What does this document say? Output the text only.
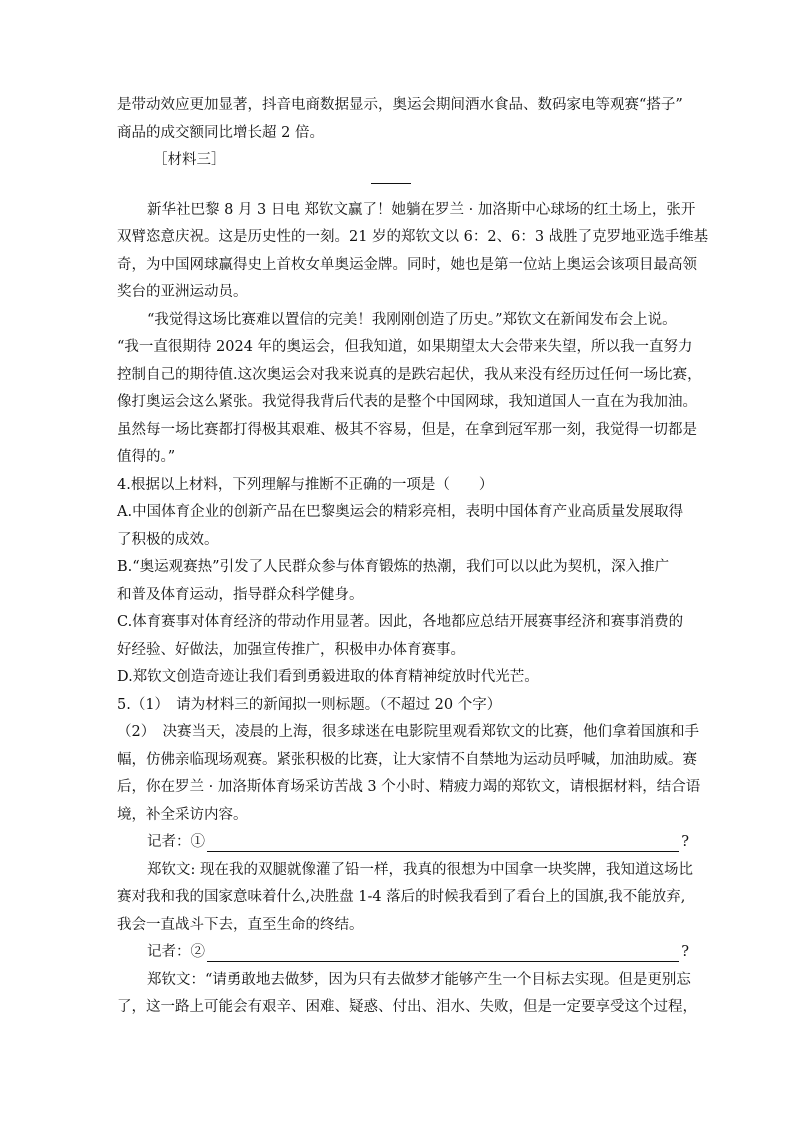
是带动效应更加显著，抖音电商数据显示，奥运会期间酒水食品、数码家电等观赛“搭子”
商品的成交额同比增长超 2 倍。
［材料三］
新华社巴黎 8 月 3 日电 郑钦文赢了！她躺在罗兰 · 加洛斯中心球场的红土场上，张开
双臂恣意庆祝。这是历史性的一刻。21 岁的郑钦文以 6：2、6：3 战胜了克罗地亚选手维基
奇，为中国网球赢得史上首枚女单奥运金牌。同时，她也是第一位站上奥运会该项目最高领
奖台的亚洲运动员。
“我觉得这场比赛难以置信的完美！我刚刚创造了历史。”郑钦文在新闻发布会上说。
“我一直很期待 2024 年的奥运会，但我知道，如果期望太大会带来失望，所以我一直努力
控制自己的期待值.这次奥运会对我来说真的是跌宕起伏，我从来没有经历过任何一场比赛，
像打奥运会这么紧张。我觉得我背后代表的是整个中国网球，我知道国人一直在为我加油。
虽然每一场比赛都打得极其艰难、极其不容易，但是，在拿到冠军那一刻，我觉得一切都是
值得的。”
4.根据以上材料，下列理解与推断不正确的一项是（　　）
A.中国体育企业的创新产品在巴黎奥运会的精彩亮相，表明中国体育产业高质量发展取得
了积极的成效。
B.“奥运观赛热”引发了人民群众参与体育锻炼的热潮，我们可以以此为契机，深入推广
和普及体育运动，指导群众科学健身。
C.体育赛事对体育经济的带动作用显著。因此，各地都应总结开展赛事经济和赛事消费的
好经验、好做法，加强宣传推广，积极申办体育赛事。
D.郑钦文创造奇迹让我们看到勇毅进取的体育精神绽放时代光芒。
5.（1）　请为材料三的新闻拟一则标题。（不超过 20 个字）
（2）　决赛当天，凌晨的上海，很多球迷在电影院里观看郑钦文的比赛，他们拿着国旗和手
幅，仿佛亲临现场观赛。紧张积极的比赛，让大家情不自禁地为运动员呼喊，加油助威。赛
后，你在罗兰 · 加洛斯体育场采访苦战 3 个小时、精疲力竭的郑钦文，请根据材料，结合语
境，补全采访内容。
记者：①	?
郑钦文: 现在我的双腿就像灌了铅一样，我真的很想为中国拿一块奖牌，我知道这场比
赛对我和我的国家意味着什么,决胜盘 1-4 落后的时候我看到了看台上的国旗,我不能放弃,
我会一直战斗下去，直至生命的终结。
记者：②	?
郑钦文：“请勇敢地去做梦，因为只有去做梦才能够产生一个目标去实现。但是更别忘
了，这一路上可能会有艰辛、困难、疑惑、付出、泪水、失败，但是一定要享受这个过程，
